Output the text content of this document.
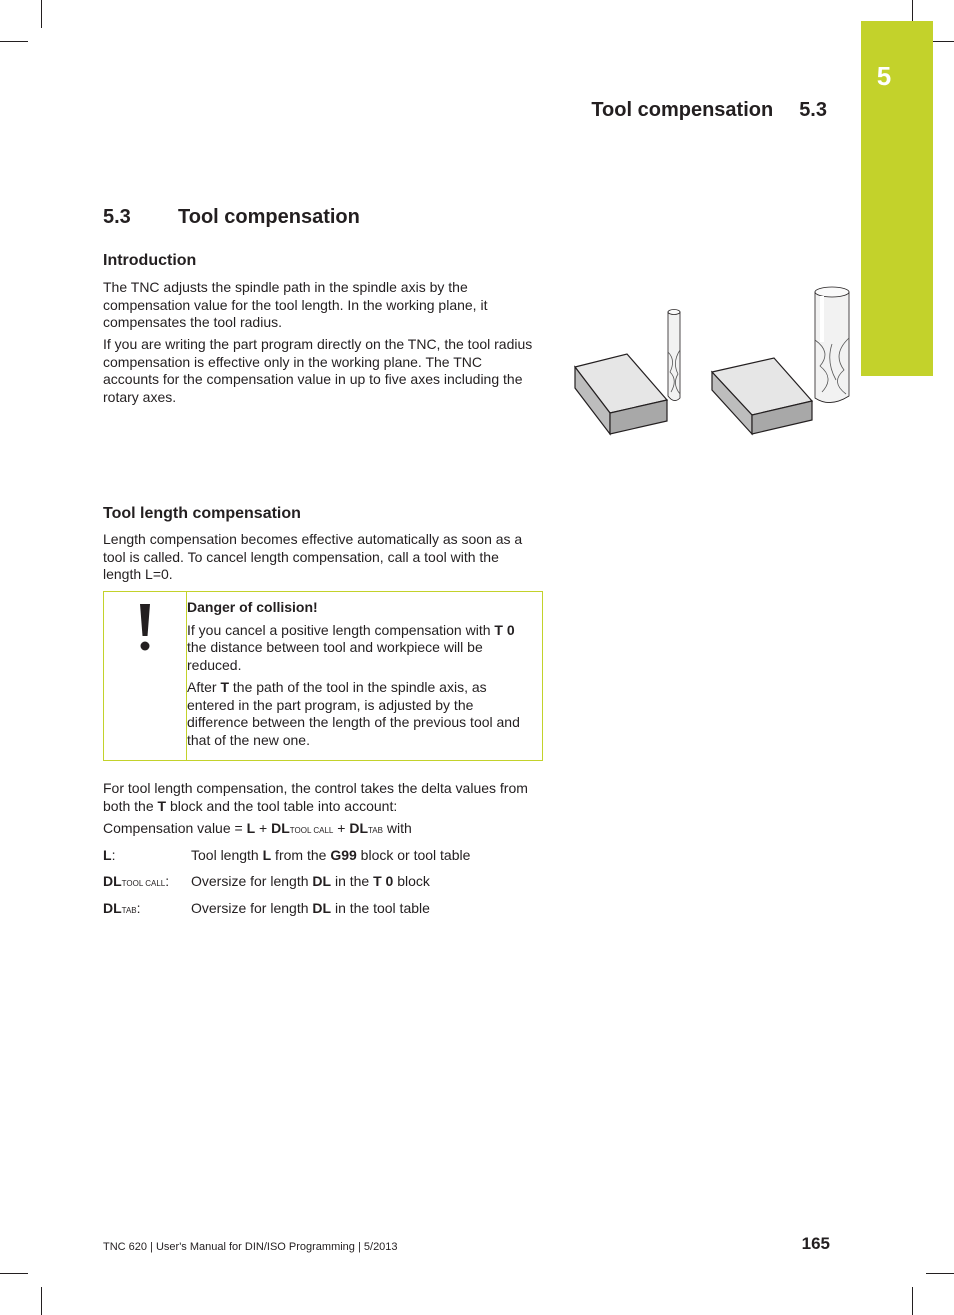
5
Tool compensation 5.3
5.3 Tool compensation
Introduction
The TNC adjusts the spindle path in the spindle axis by the compensation value for the tool length. In the working plane, it compensates the tool radius.
If you are writing the part program directly on the TNC, the tool radius compensation is effective only in the working plane. The TNC accounts for the compensation value in up to five axes including the rotary axes.
Tool length compensation
Length compensation becomes effective automatically as soon as a tool is called. To cancel length compensation, call a tool with the length L=0.
Danger of collision!

If you cancel a positive length compensation with T 0 the distance between tool and workpiece will be reduced.

After T the path of the tool in the spindle axis, as entered in the part program, is adjusted by the difference between the length of the previous tool and that of the new one.

For tool length compensation, the control takes the delta values from both the T block and the tool table into account:
Compensation value = L + DLTOOL CALL + DLTAB with
L:	Tool length L from the G99 block or tool table
DLTOOL CALL: Oversize for length DL in the T 0 block
DLTAB:	Oversize for length DL in the tool table
TNC 620 | User's Manual for DIN/ISO Programming | 5/2013	165
